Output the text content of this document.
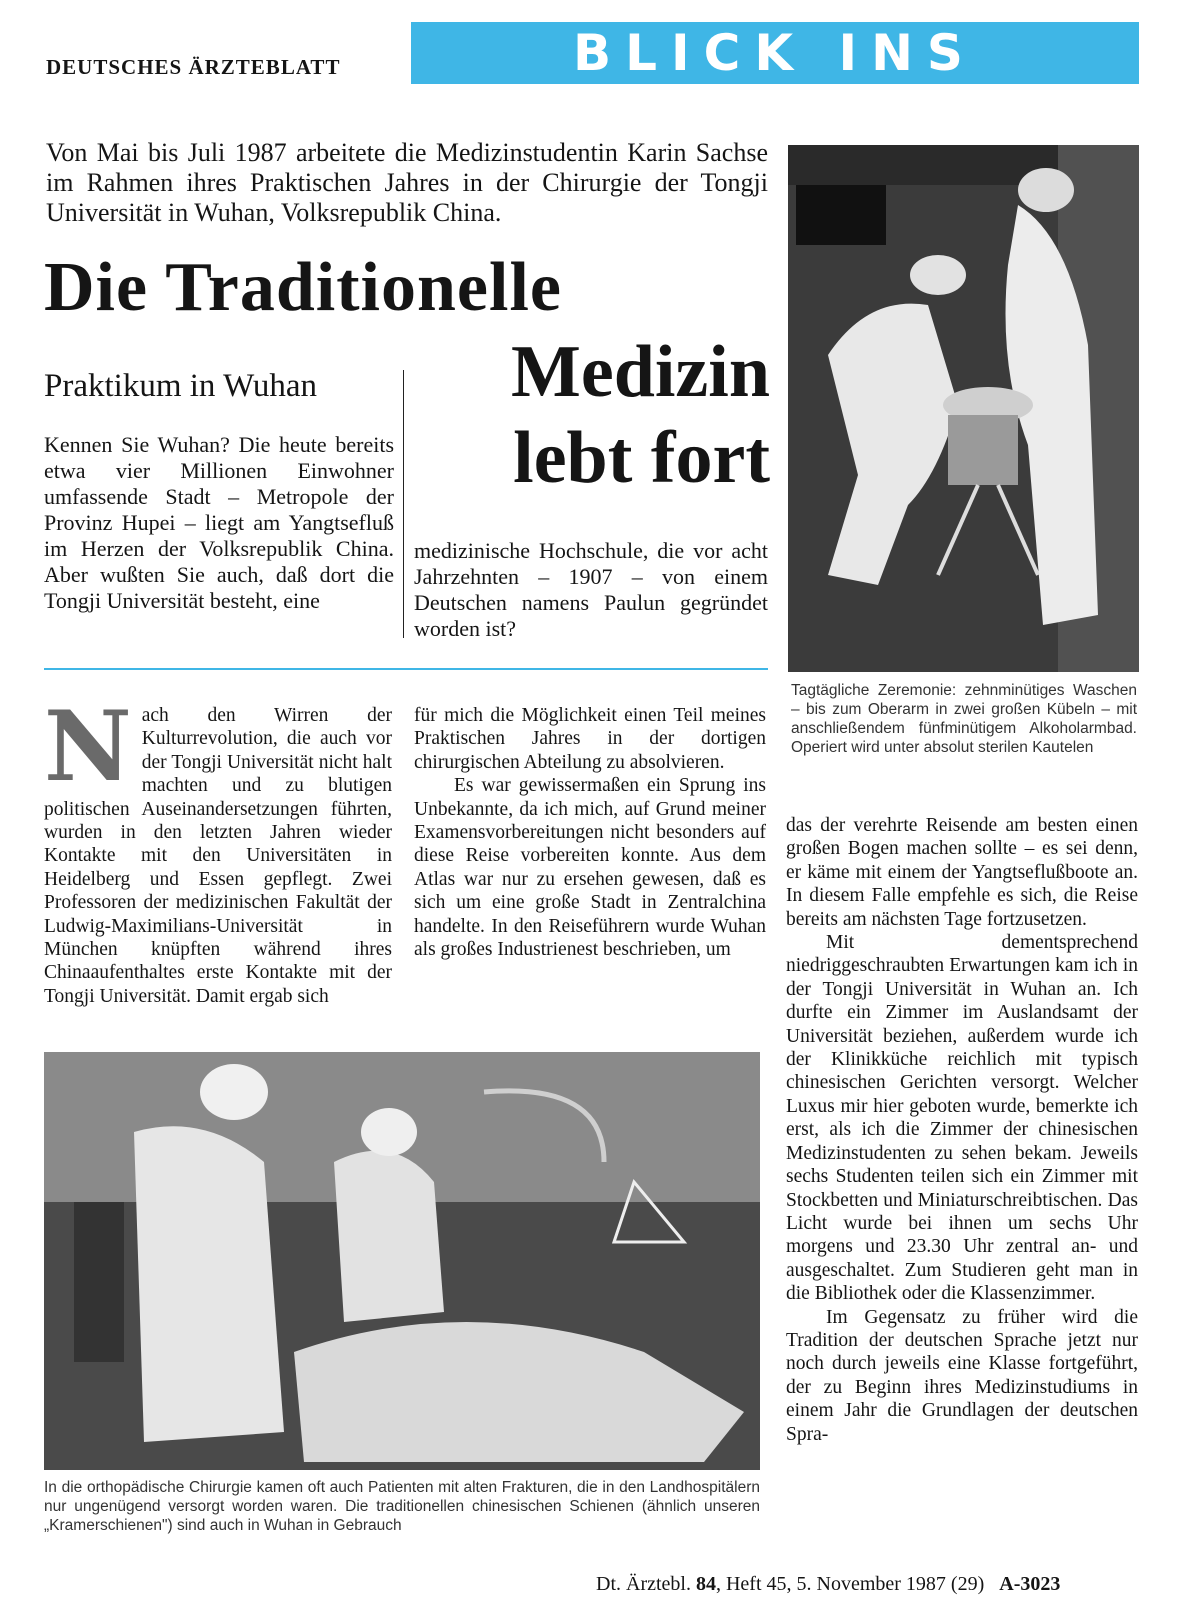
DEUTSCHES ÄRZTEBLATT	BLICK INS AUSLAND
Von Mai bis Juli 1987 arbeitete die Medizinstudentin Karin Sachse im Rahmen ihres Praktischen Jahres in der Chirurgie der Tongji Universität in Wuhan, Volksrepublik China.
Die Traditionelle
Praktikum in Wuhan	Medizin
lebt fort
Kennen Sie Wuhan? Die heute bereits etwa vier Millionen Einwohner umfassende Stadt – Metropole der Provinz Hupei – liegt am Yangtsefluß im Herzen der Volksrepublik China. Aber wußten Sie auch, daß dort die Tongji Universität besteht, eine
medizinische Hochschule, die vor acht Jahrzehnten – 1907 – von einem Deutschen namens Paulun gegründet worden ist?
Tagtägliche Zeremonie: zehnminütiges Waschen – bis zum Oberarm in zwei großen Kübeln – mit anschließendem fünfminütigem Alkoholarmbad. Operiert wird unter absolut sterilen Kautelen
N ach den Wirren der Kulturrevolution, die auch vor der Tongji Universität nicht halt machten und zu blutigen politischen Auseinandersetzungen führten, wurden in den letzten Jahren wieder Kontakte mit den Universitäten in Heidelberg und Essen gepflegt. Zwei Professoren der medizinischen Fakultät der Ludwig-Maximilians-Universität in München knüpften während ihres Chinaaufenthaltes erste Kontakte mit der Tongji Universität. Damit ergab sich

für mich die Möglichkeit einen Teil meines Praktischen Jahres in der dortigen chirurgischen Abteilung zu absolvieren.

Es war gewissermaßen ein Sprung ins Unbekannte, da ich mich, auf Grund meiner Examensvorbereitungen nicht besonders auf diese Reise vorbereiten konnte. Aus dem Atlas war nur zu ersehen gewesen, daß es sich um eine große Stadt in Zentralchina handelte. In den Reiseführern wurde Wuhan als großes Industrienest beschrieben, um

das der verehrte Reisende am besten einen großen Bogen machen sollte – es sei denn, er käme mit einem der Yangtseflußboote an. In diesem Falle empfehle es sich, die Reise bereits am nächsten Tage fortzusetzen.

Mit dementsprechend niedriggeschraubten Erwartungen kam ich in der Tongji Universität in Wuhan an. Ich durfte ein Zimmer im Auslandsamt der Universität beziehen, außerdem wurde ich der Klinikküche reichlich mit typisch chinesischen Gerichten versorgt. Welcher Luxus mir hier geboten wurde, bemerkte ich erst, als ich die Zimmer der chinesischen Medizinstudenten zu sehen bekam. Jeweils sechs Studenten teilen sich ein Zimmer mit Stockbetten und Miniaturschreibtischen. Das Licht wurde bei ihnen um sechs Uhr morgens und 23.30 Uhr zentral an- und ausgeschaltet. Zum Studieren geht man in die Bibliothek oder die Klassenzimmer.

Im Gegensatz zu früher wird die Tradition der deutschen Sprache jetzt nur noch durch jeweils eine Klasse fortgeführt, der zu Beginn ihres Medizinstudiums in einem Jahr die Grundlagen der deutschen Spra-

In die orthopädische Chirurgie kamen oft auch Patienten mit alten Frakturen, die in den Landhospitälern nur ungenügend versorgt worden waren. Die traditionellen chinesischen Schienen (ähnlich unseren „Kramerschienen") sind auch in Wuhan in Gebrauch
Dt. Ärztebl. 84, Heft 45, 5. November 1987 (29) A-3023
